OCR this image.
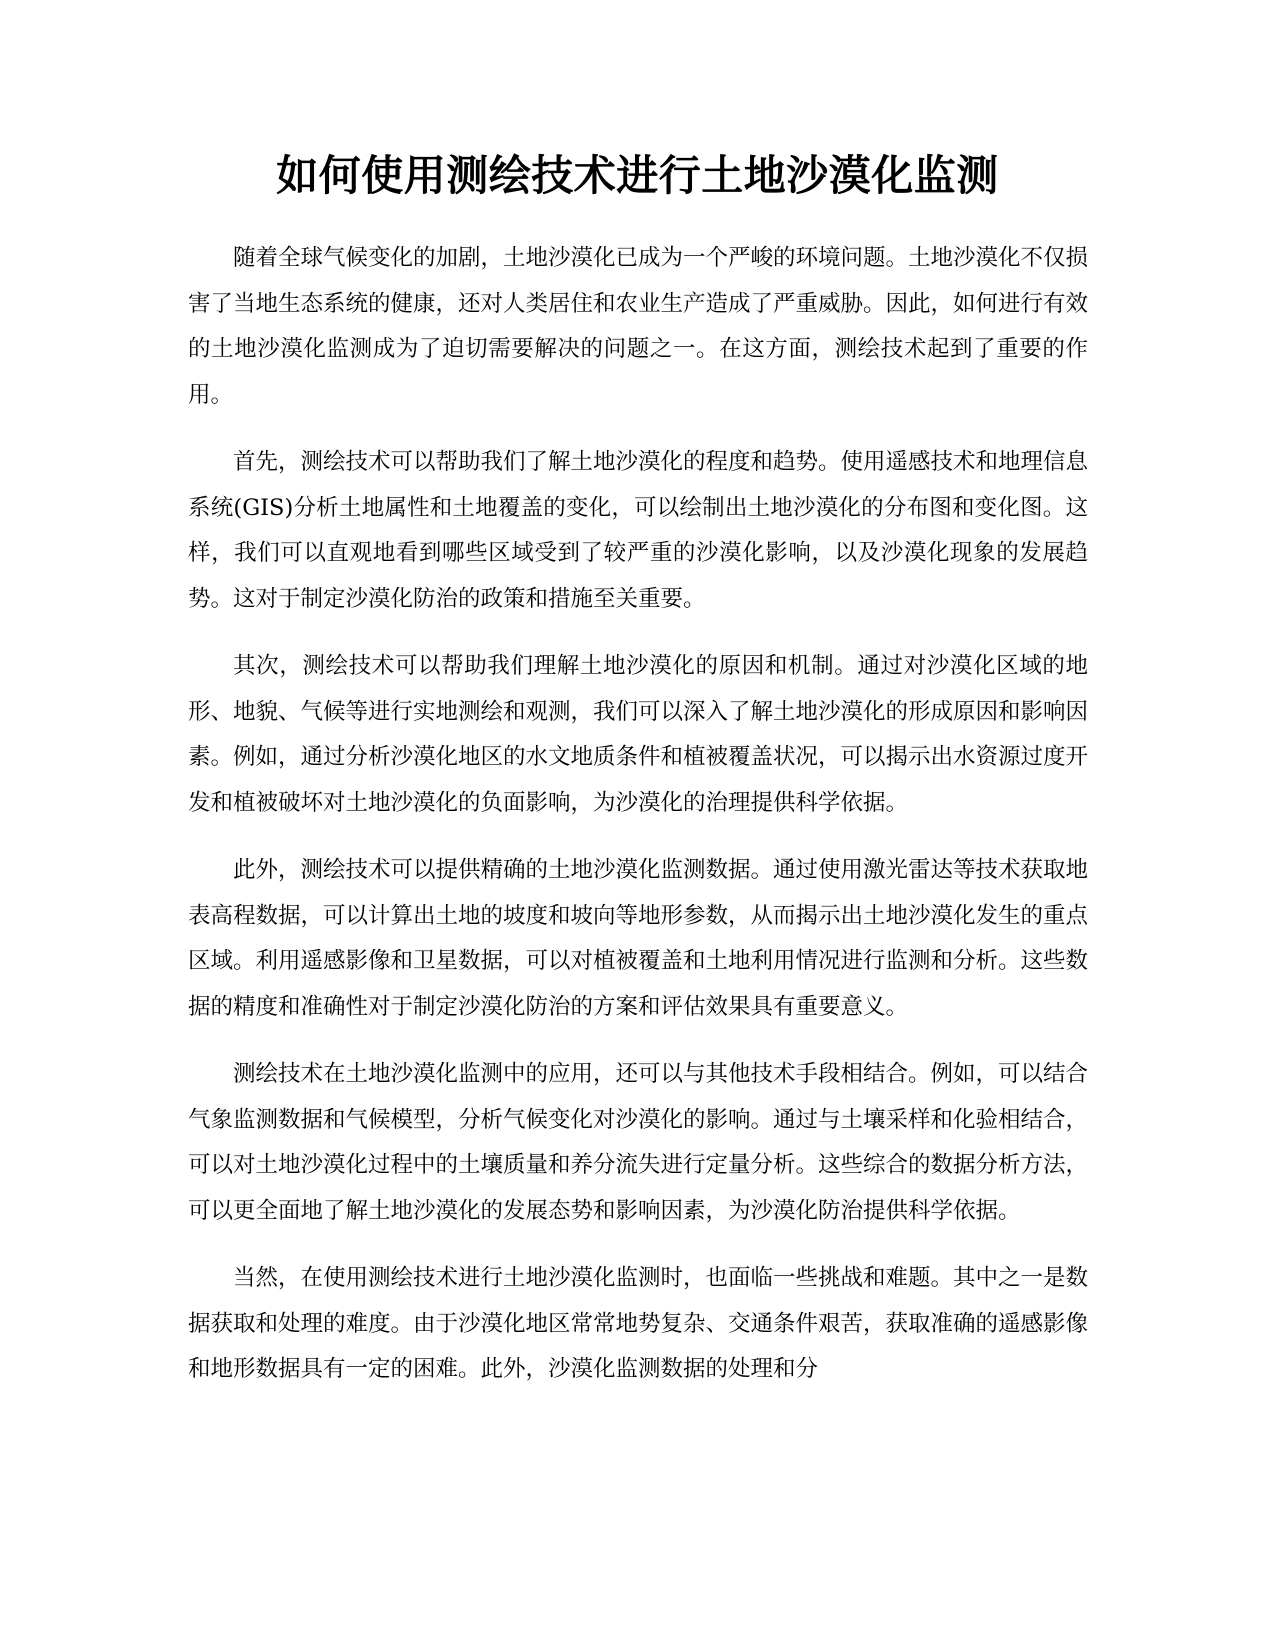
如何使用测绘技术进行土地沙漠化监测

随着全球气候变化的加剧，土地沙漠化已成为一个严峻的环境问题。土地沙漠化不仅损害了当地生态系统的健康，还对人类居住和农业生产造成了严重威胁。因此，如何进行有效的土地沙漠化监测成为了迫切需要解决的问题之一。在这方面，测绘技术起到了重要的作用。

首先，测绘技术可以帮助我们了解土地沙漠化的程度和趋势。使用遥感技术和地理信息系统(GIS)分析土地属性和土地覆盖的变化，可以绘制出土地沙漠化的分布图和变化图。这样，我们可以直观地看到哪些区域受到了较严重的沙漠化影响，以及沙漠化现象的发展趋势。这对于制定沙漠化防治的政策和措施至关重要。

其次，测绘技术可以帮助我们理解土地沙漠化的原因和机制。通过对沙漠化区域的地形、地貌、气候等进行实地测绘和观测，我们可以深入了解土地沙漠化的形成原因和影响因素。例如，通过分析沙漠化地区的水文地质条件和植被覆盖状况，可以揭示出水资源过度开发和植被破坏对土地沙漠化的负面影响，为沙漠化的治理提供科学依据。

此外，测绘技术可以提供精确的土地沙漠化监测数据。通过使用激光雷达等技术获取地表高程数据，可以计算出土地的坡度和坡向等地形参数，从而揭示出土地沙漠化发生的重点区域。利用遥感影像和卫星数据，可以对植被覆盖和土地利用情况进行监测和分析。这些数据的精度和准确性对于制定沙漠化防治的方案和评估效果具有重要意义。

测绘技术在土地沙漠化监测中的应用，还可以与其他技术手段相结合。例如，可以结合气象监测数据和气候模型，分析气候变化对沙漠化的影响。通过与土壤采样和化验相结合，可以对土地沙漠化过程中的土壤质量和养分流失进行定量分析。这些综合的数据分析方法，可以更全面地了解土地沙漠化的发展态势和影响因素，为沙漠化防治提供科学依据。

当然，在使用测绘技术进行土地沙漠化监测时，也面临一些挑战和难题。其中之一是数据获取和处理的难度。由于沙漠化地区常常地势复杂、交通条件艰苦，获取准确的遥感影像和地形数据具有一定的困难。此外，沙漠化监测数据的处理和分
